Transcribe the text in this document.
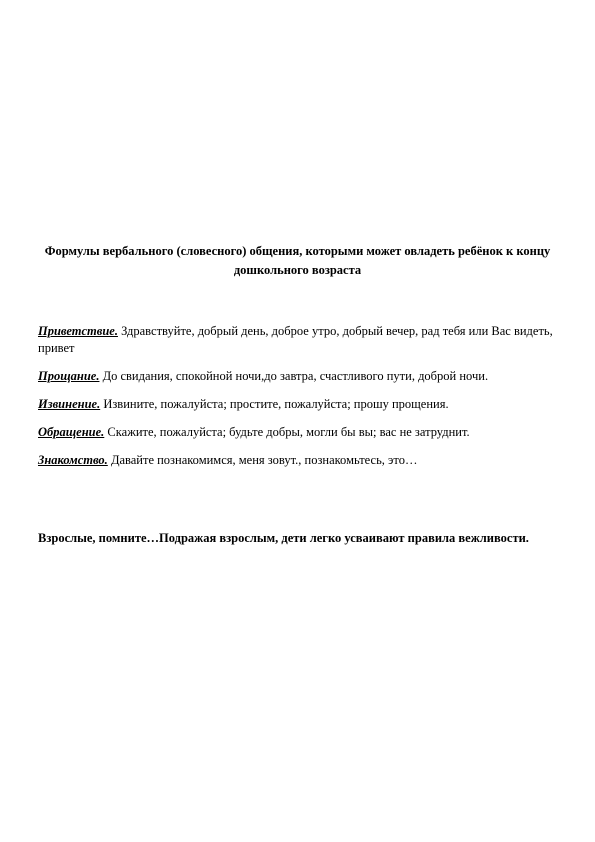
Формулы вербального (словесного) общения, которыми может овладеть ребёнок к концу дошкольного возраста

Приветствие. Здравствуйте, добрый день, доброе утро, добрый вечер, рад тебя или Вас видеть, привет

Прощание. До свидания, спокойной ночи,до завтра, счастливого пути, доброй ночи.

Извинение. Извините, пожалуйста; простите, пожалуйста; прошу прощения.

Обращение. Скажите, пожалуйста; будьте добры, могли бы вы; вас не затруднит.

Знакомство. Давайте познакомимся, меня зовут., познакомьтесь, это…

Взрослые, помните…Подражая взрослым, дети легко усваивают правила вежливости.
